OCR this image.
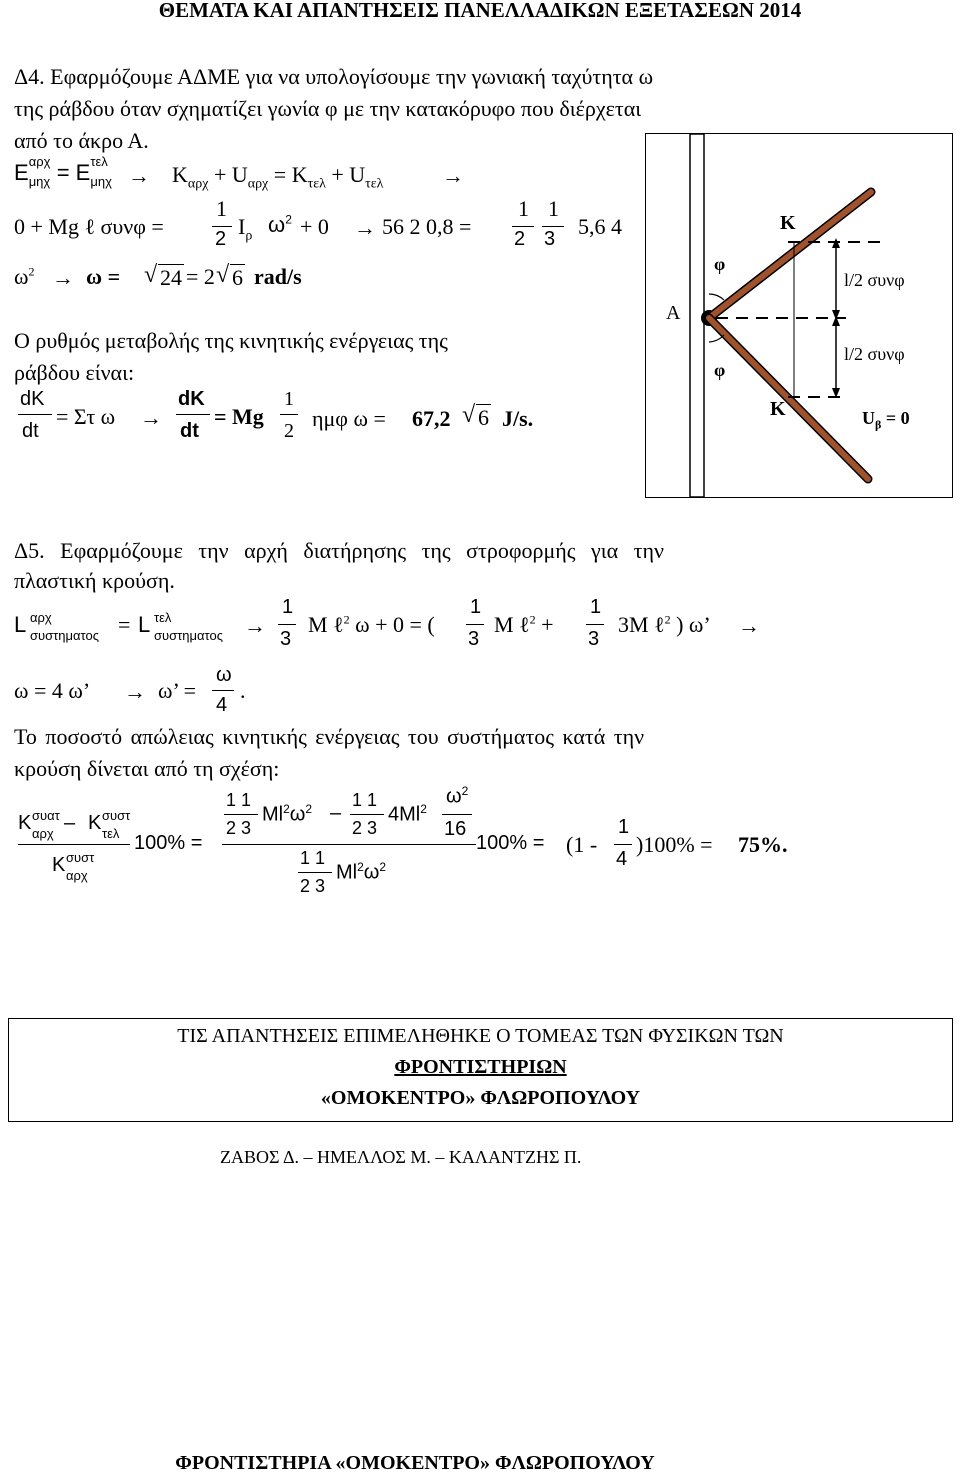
ΘΕΜΑΤΑ ΚΑΙ ΑΠΑΝΤΗΣΕΙΣ ΠΑΝΕΛΛΑΔΙΚΩΝ ΕΞΕΤΑΣΕΩΝ 2014
Δ4. Εφαρμόζουμε ΑΔΜΕ για να υπολογίσουμε την γωνιακή ταχύτητα ω
της ράβδου όταν σχηματίζει γωνία φ με την κατακόρυφο που διέρχεται
από το άκρο Α.
E αρχ
μηχ = E τελ
μηχ
→ $K_{\alpha\rho\chi} + U_{\alpha\rho\chi} = K_{\tau\varepsilon\lambda} + U_{\tau\varepsilon\lambda}$	→
0 + Mg ℓ συνφ =
1
2 $I_\rho$ $\omega^2 + 0 \to 56$ 2 0,8 =
1
2
1
3 5,6 4
$\omega^2 \to \omega$ = √ 24 = 2 √ 6 rad/s
Ο ρυθμός μεταβολής της κινητικής ενέργειας της
ράβδου είναι:
dK
dt
= Στ ω →
dK
dt
= Mg
1
2 ημφ ω = 67,2 √ 6 J/s.
A
K
K
φ
φ
l/2 συνφ
l/2 συνφ
$U_\beta = 0$
Δ5. Εφαρμόζουμε την αρχή διατήρησης της στροφορμής για την
πλαστική κρούση.
L αρχ
συστηματος = L τελ
συστηματος →
1
3
M ℓ$^2$ ω + 0 = (
1
3
M ℓ$^2$ +
1
3
3M ℓ$^2$ ) ω’ →
ω = 4 ω’ → ω’ =
ω
4
.
Το ποσοστό απώλειας κινητικής ενέργειας του συστήματος κατά την
κρούση δίνεται από τη σχέση:
K συατ
αρχ – K συστ
τελ
K συστ
αρχ
100% =
1 1
2 3
$Ml^2\omega^2$ –
1 1
2 3
4Ml$^2$
$\omega^2$
16
1 1
2 3
$Ml^2\omega^2$
100% = (1 -
1
4
)100% = 75%.
ΤΙΣ ΑΠΑΝΤΗΣΕΙΣ ΕΠΙΜΕΛΗΘΗΚΕ Ο ΤΟΜΕΑΣ ΤΩΝ ΦΥΣΙΚΩΝ ΤΩΝ
ΦΡΟΝΤΙΣΤΗΡΙΩΝ
«ΟΜΟΚΕΝΤΡΟ» ΦΛΩΡΟΠΟΥΛΟΥ
ΖΑΒΟΣ Δ. – ΗΜΕΛΛΟΣ Μ. – ΚΑΛΑΝΤΖΗΣ Π.
ΦΡΟΝΤΙΣΤΗΡΙΑ «ΟΜΟΚΕΝΤΡΟ» ΦΛΩΡΟΠΟΥΛΟΥ
